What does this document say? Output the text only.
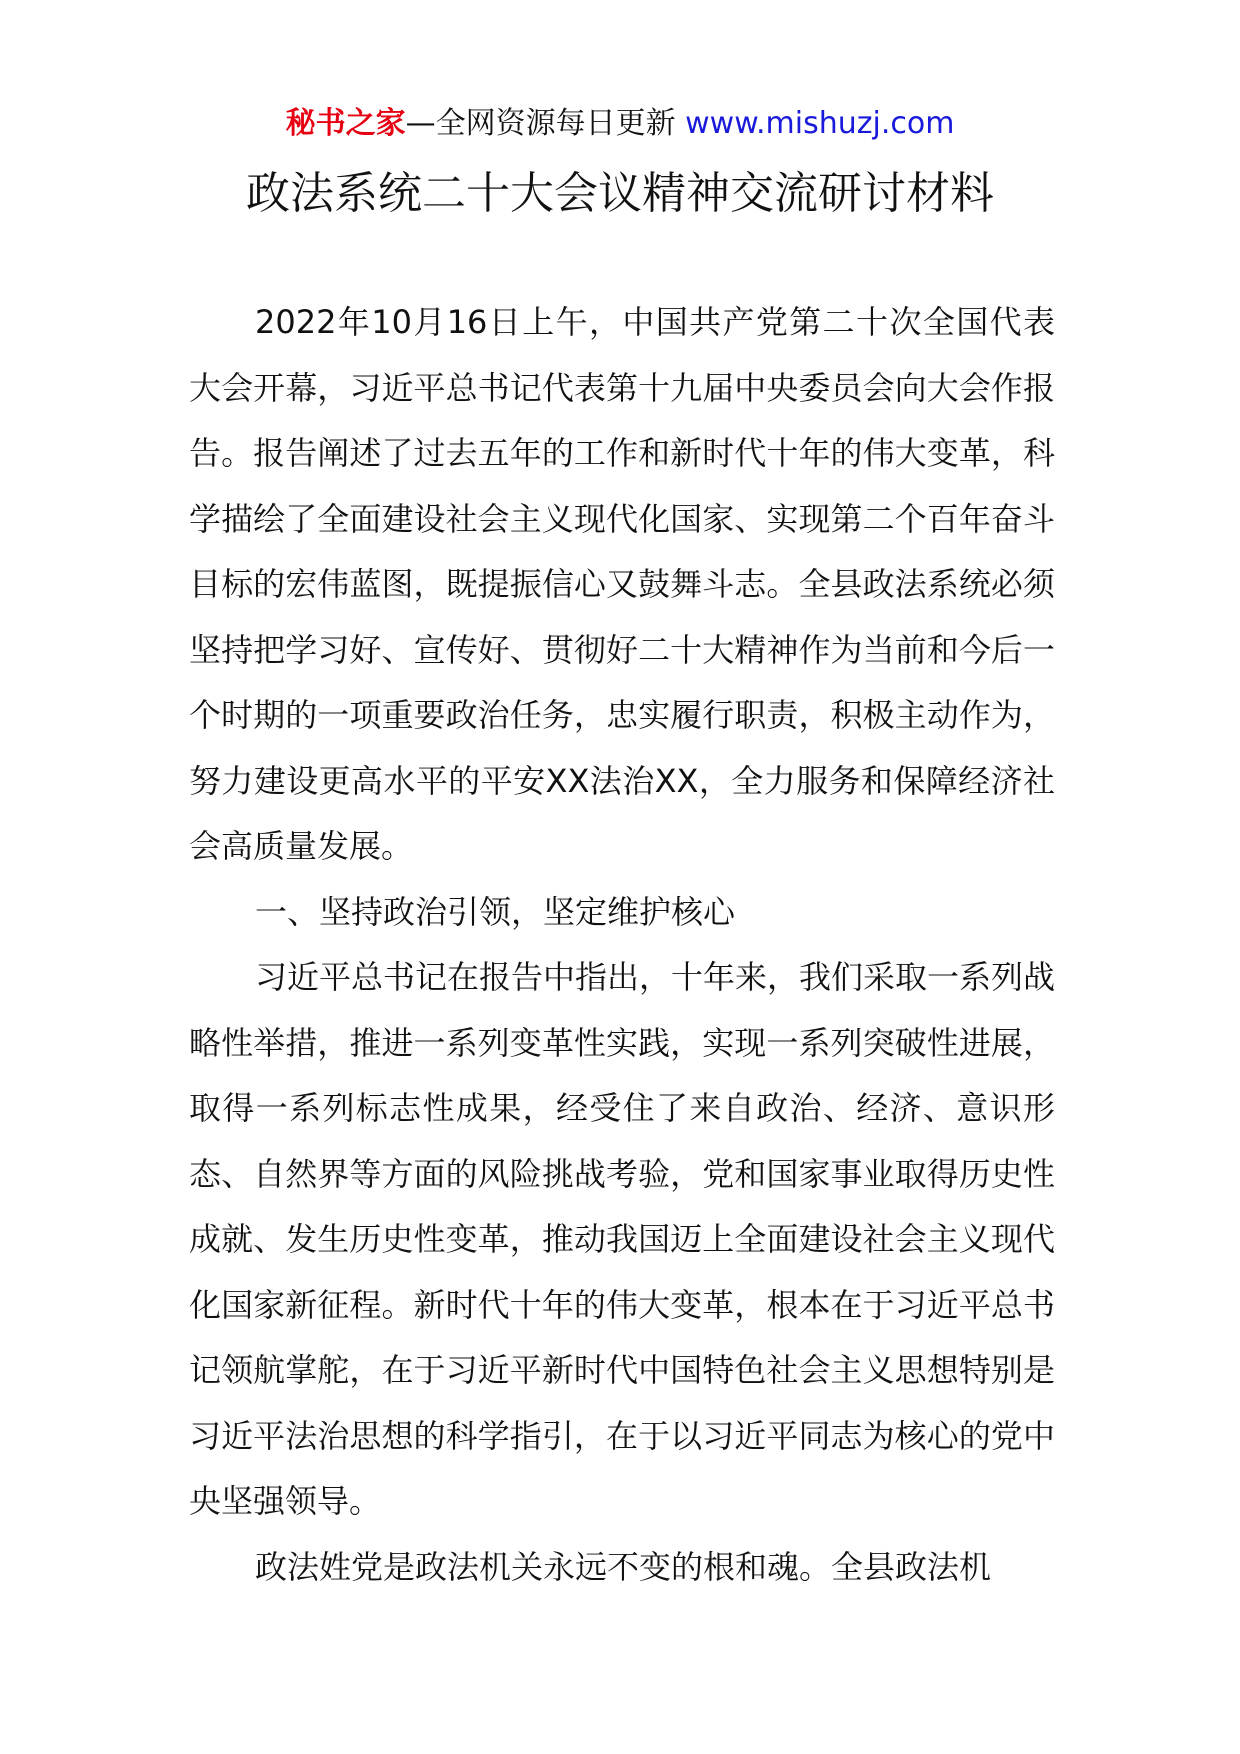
秘书之家—全网资源每日更新 www.mishuzj.com
政法系统二十大会议精神交流研讨材料

2022年10月16日上午，中国共产党第二十次全国代表大会开幕，习近平总书记代表第十九届中央委员会向大会作报告。报告阐述了过去五年的工作和新时代十年的伟大变革，科学描绘了全面建设社会主义现代化国家、实现第二个百年奋斗目标的宏伟蓝图，既提振信心又鼓舞斗志。全县政法系统必须坚持把学习好、宣传好、贯彻好二十大精神作为当前和今后一个时期的一项重要政治任务，忠实履行职责，积极主动作为，努力建设更高水平的平安XX法治XX，全力服务和保障经济社会高质量发展。

一、坚持政治引领，坚定维护核心

习近平总书记在报告中指出，十年来，我们采取一系列战略性举措，推进一系列变革性实践，实现一系列突破性进展，取得一系列标志性成果，经受住了来自政治、经济、意识形态、自然界等方面的风险挑战考验，党和国家事业取得历史性成就、发生历史性变革，推动我国迈上全面建设社会主义现代化国家新征程。新时代十年的伟大变革，根本在于习近平总书记领航掌舵，在于习近平新时代中国特色社会主义思想特别是习近平法治思想的科学指引，在于以习近平同志为核心的党中央坚强领导。

政法姓党是政法机关永远不变的根和魂。全县政法机
